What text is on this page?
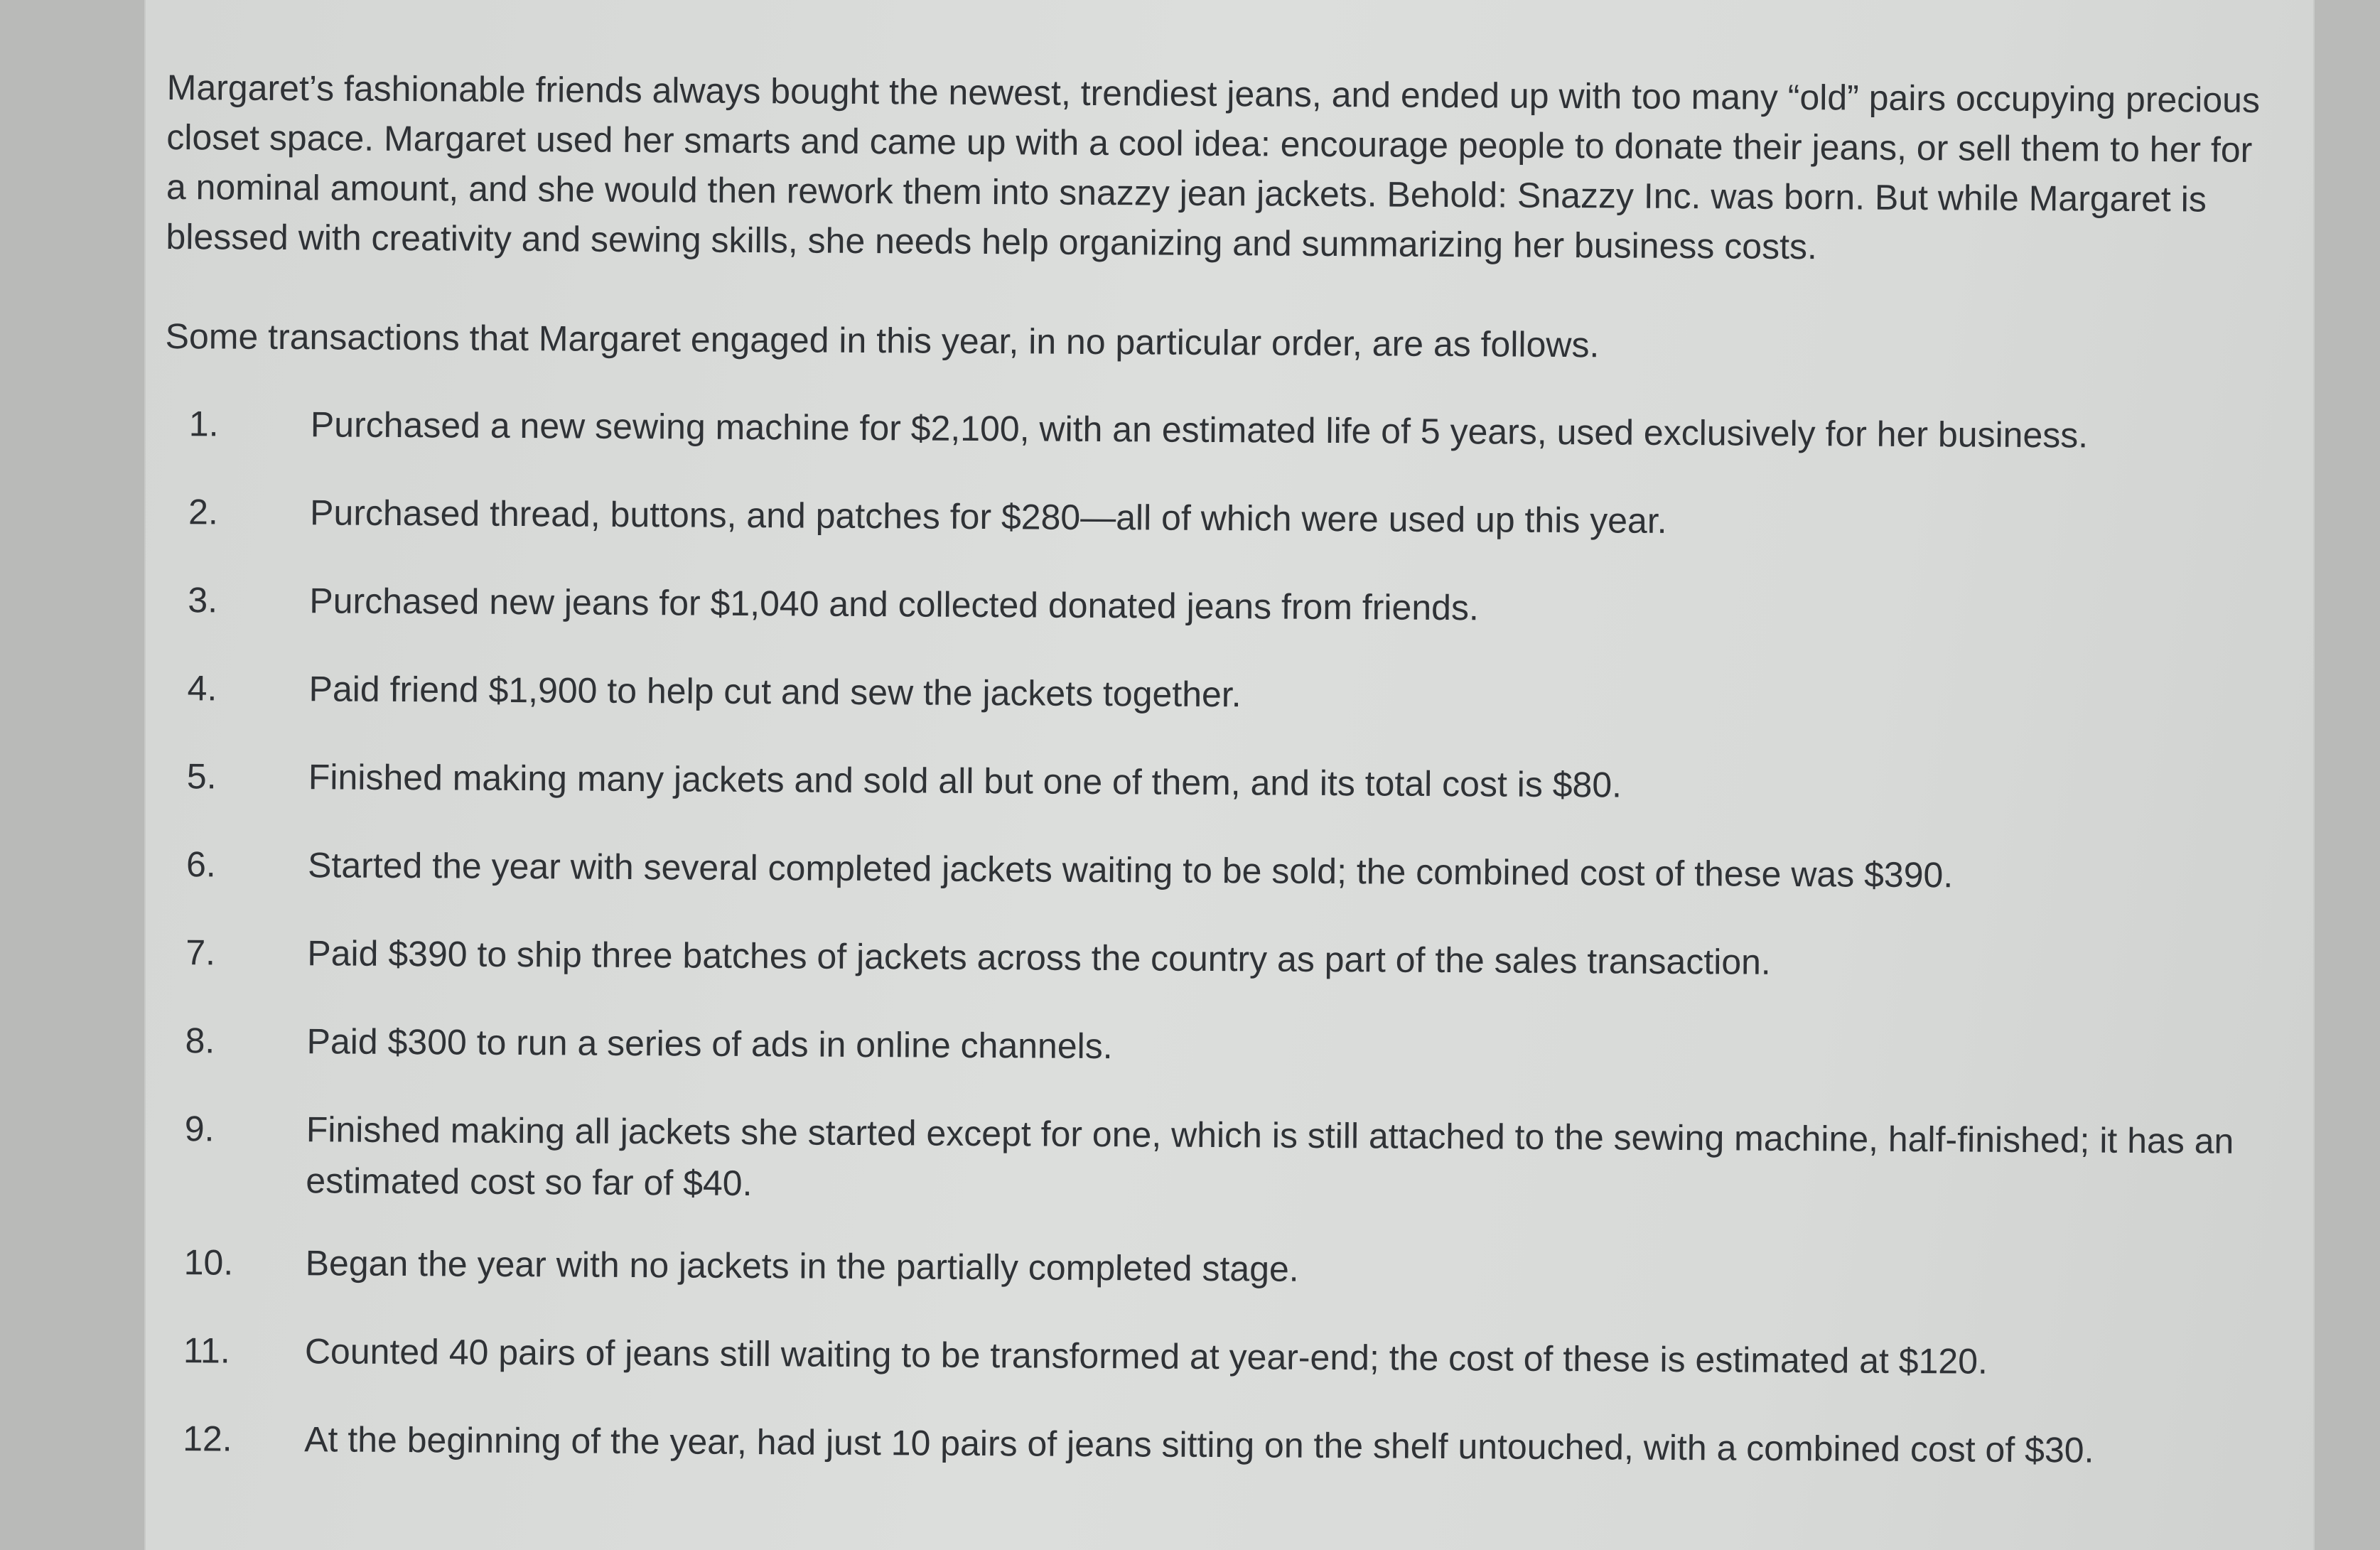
Margaret’s fashionable friends always bought the newest, trendiest jeans, and ended up with too many “old” pairs occupying precious closet space. Margaret used her smarts and came up with a cool idea: encourage people to donate their jeans, or sell them to her for a nominal amount, and she would then rework them into snazzy jean jackets. Behold: Snazzy Inc. was born. But while Margaret is blessed with creativity and sewing skills, she needs help organizing and summarizing her business costs.

Some transactions that Margaret engaged in this year, in no particular order, are as follows.

1.	Purchased a new sewing machine for $2,100, with an estimated life of 5 years, used exclusively for her business.
2.	Purchased thread, buttons, and patches for $280—all of which were used up this year.
3.	Purchased new jeans for $1,040 and collected donated jeans from friends.
4.	Paid friend $1,900 to help cut and sew the jackets together.
5.	Finished making many jackets and sold all but one of them, and its total cost is $80.
6.	Started the year with several completed jackets waiting to be sold; the combined cost of these was $390.
7.	Paid $390 to ship three batches of jackets across the country as part of the sales transaction.
8.	Paid $300 to run a series of ads in online channels.
9.	Finished making all jackets she started except for one, which is still attached to the sewing machine, half-finished; it has an estimated cost so far of $40.
10.	Began the year with no jackets in the partially completed stage.
11.	Counted 40 pairs of jeans still waiting to be transformed at year-end; the cost of these is estimated at $120.
12.	At the beginning of the year, had just 10 pairs of jeans sitting on the shelf untouched, with a combined cost of $30.
